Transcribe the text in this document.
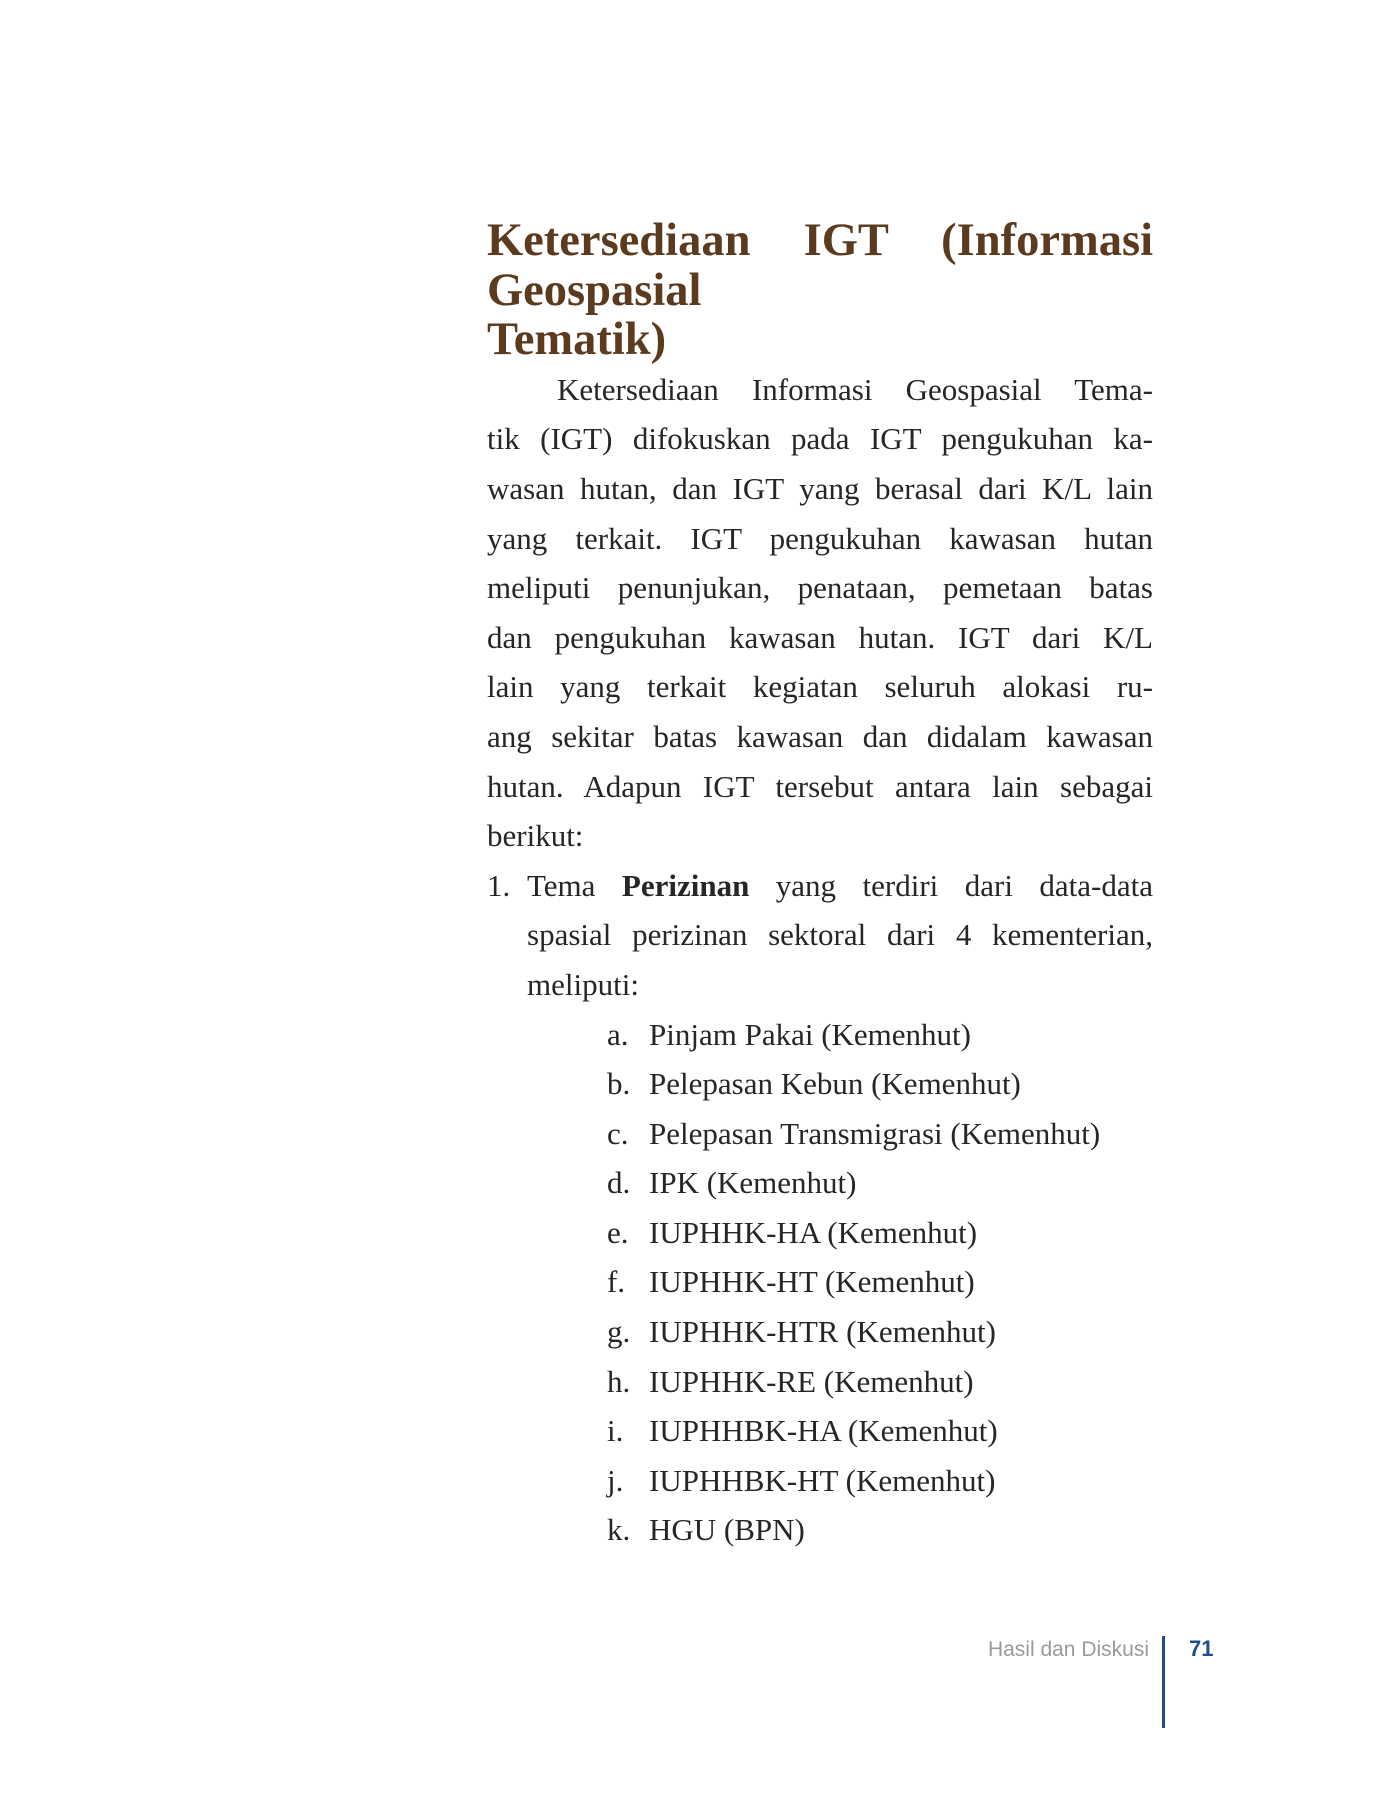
Ketersediaan IGT (Informasi Geospasial
Tematik)

Ketersediaan Informasi Geospasial Tema-
tik (IGT) difokuskan pada IGT pengukuhan ka-
wasan hutan, dan IGT yang berasal dari K/L lain
yang terkait. IGT pengukuhan kawasan hutan
meliputi penunjukan, penataan, pemetaan batas
dan pengukuhan kawasan hutan. IGT dari K/L
lain yang terkait kegiatan seluruh alokasi ru-
ang sekitar batas kawasan dan didalam kawasan
hutan. Adapun IGT tersebut antara lain sebagai
berikut:

1. Tema Perizinan yang terdiri dari data-data
spasial perizinan sektoral dari 4 kementerian,
meliputi:
a. Pinjam Pakai (Kemenhut)
b. Pelepasan Kebun (Kemenhut)
c. Pelepasan Transmigrasi (Kemenhut)
d. IPK (Kemenhut)
e. IUPHHK-HA (Kemenhut)
f. IUPHHK-HT (Kemenhut)
g. IUPHHK-HTR (Kemenhut)
h. IUPHHK-RE (Kemenhut)
i. IUPHHBK-HA (Kemenhut)
j. IUPHHBK-HT (Kemenhut)
k. HGU (BPN)
Hasil dan Diskusi 71
